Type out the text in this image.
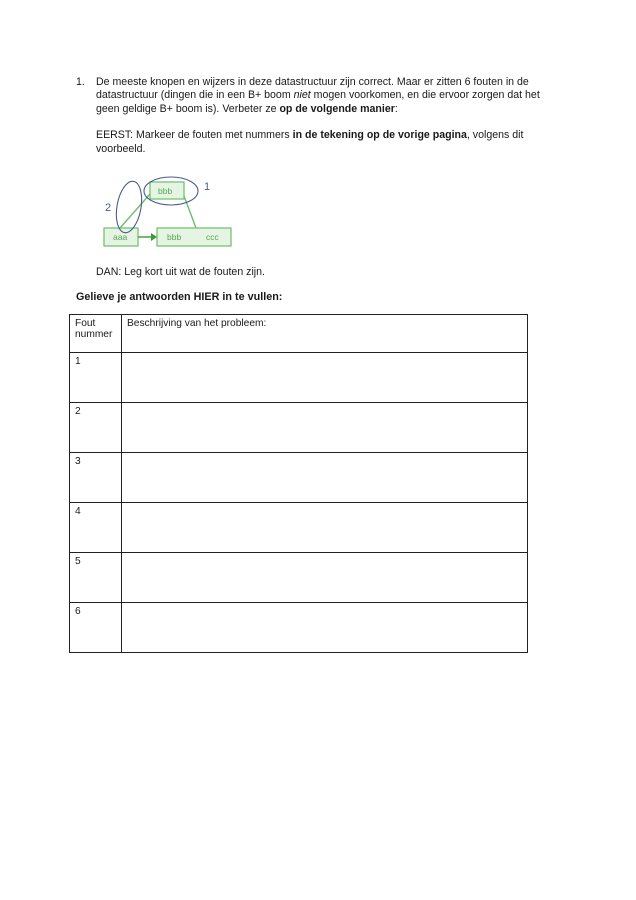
1. De meeste knopen en wijzers in deze datastructuur zijn correct. Maar er zitten 6 fouten in de datastructuur (dingen die in een B+ boom niet mogen voorkomen, en die ervoor zorgen dat het geen geldige B+ boom is). Verbeter ze op de volgende manier:

EERST: Markeer de fouten met nummers in de tekening op de vorige pagina, volgens dit voorbeeld.

bbb
aaa	bbb	ccc
1
2
DAN: Leg kort uit wat de fouten zijn.
Gelieve je antwoorden HIER in te vullen:
Fout
nummer	Beschrijving van het probleem:
1	
2	
3	
4	
5	
6	
